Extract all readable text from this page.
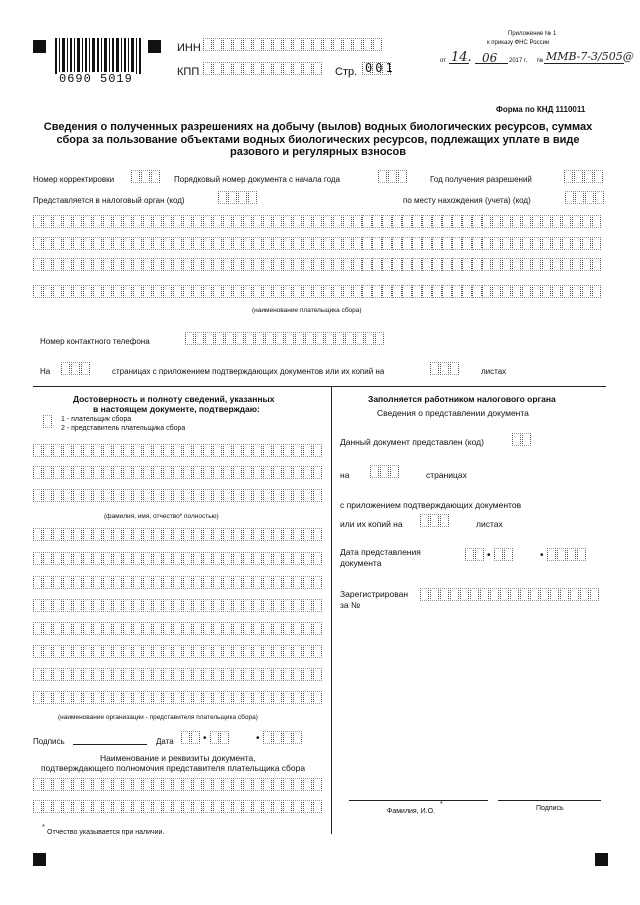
0690 5019
ИНН
КПП	Стр. 001
Приложение № 1
к приказу ФНС России
от 14. 06 2017 г. № ММВ-7-3/505@
Форма по КНД 1110011
Сведения о полученных разрешениях на добычу (вылов) водных биологических ресурсов, суммах сбора за пользование объектами водных биологических ресурсов, подлежащих уплате в виде разового и регулярных взносов
Номер корректировки	Порядковый номер документа с начала года	Год получения разрешений
Представляется в налоговый орган (код)	по месту нахождения (учета) (код)
(наименование плательщика сбора)
Номер контактного телефона
На	страницах с приложением подтверждающих документов или их копий на	листах
Достоверность и полноту сведений, указанных
в настоящем документе, подтверждаю:
1 - плательщик сбора
2 - представитель плательщика сбора
(фамилия, имя, отчество* полностью)
(наименование организации - представителя плательщика сбора)
Подпись	Дата	•	•
Наименование и реквизиты документа,
подтверждающего полномочия представителя плательщика сбора
*
Отчество указывается при наличии.
Заполняется работником налогового органа
Сведения о представлении документа
Данный документ представлен (код)
на	страницах
с приложением подтверждающих документов
или их копий на	листах
Дата представления
документа
•	•
Зарегистрирован
за №
*
Фамилия, И.О.	Подпись
